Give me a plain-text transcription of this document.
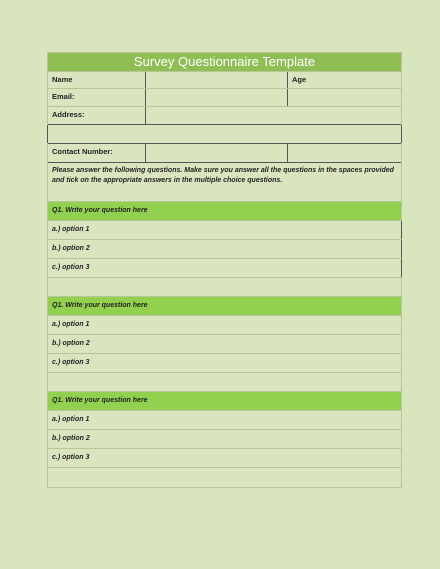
Survey Questionnaire Template
Name	Age
Email:
Address:
Contact Number:
Please answer the following questions. Make sure you answer all the questions in the spaces provided and tick on the appropriate answers in the multiple choice questions.
Q1. Write your question here
a.) option 1
b.) option 2
c.) option 3
Q1. Write your question here
a.) option 1
b.) option 2
c.) option 3
Q1. Write your question here
a.) option 1
b.) option 2
c.) option 3
